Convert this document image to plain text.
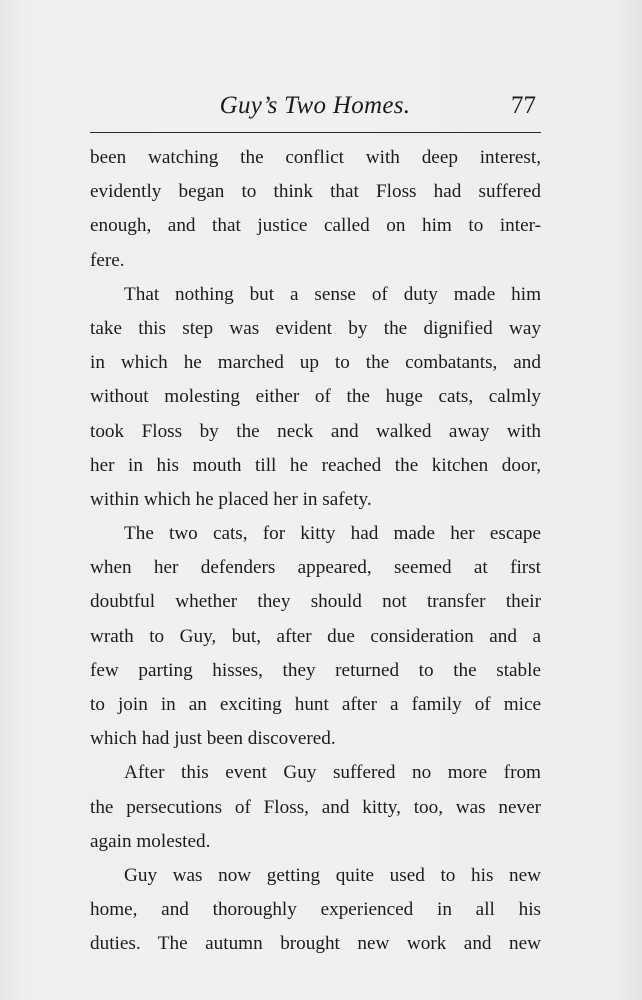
Guy’s Two Homes.	77
been watching the conflict with deep interest,
evidently began to think that Floss had suffered
enough, and that justice called on him to inter-
fere.
That nothing but a sense of duty made him
take this step was evident by the dignified way
in which he marched up to the combatants, and
without molesting either of the huge cats, calmly
took Floss by the neck and walked away with
her in his mouth till he reached the kitchen door,
within which he placed her in safety.
The two cats, for kitty had made her escape
when her defenders appeared, seemed at first
doubtful whether they should not transfer their
wrath to Guy, but, after due consideration and a
few parting hisses, they returned to the stable
to join in an exciting hunt after a family of mice
which had just been discovered.
After this event Guy suffered no more from
the persecutions of Floss, and kitty, too, was never
again molested.
Guy was now getting quite used to his new
home, and thoroughly experienced in all his
duties. The autumn brought new work and new
